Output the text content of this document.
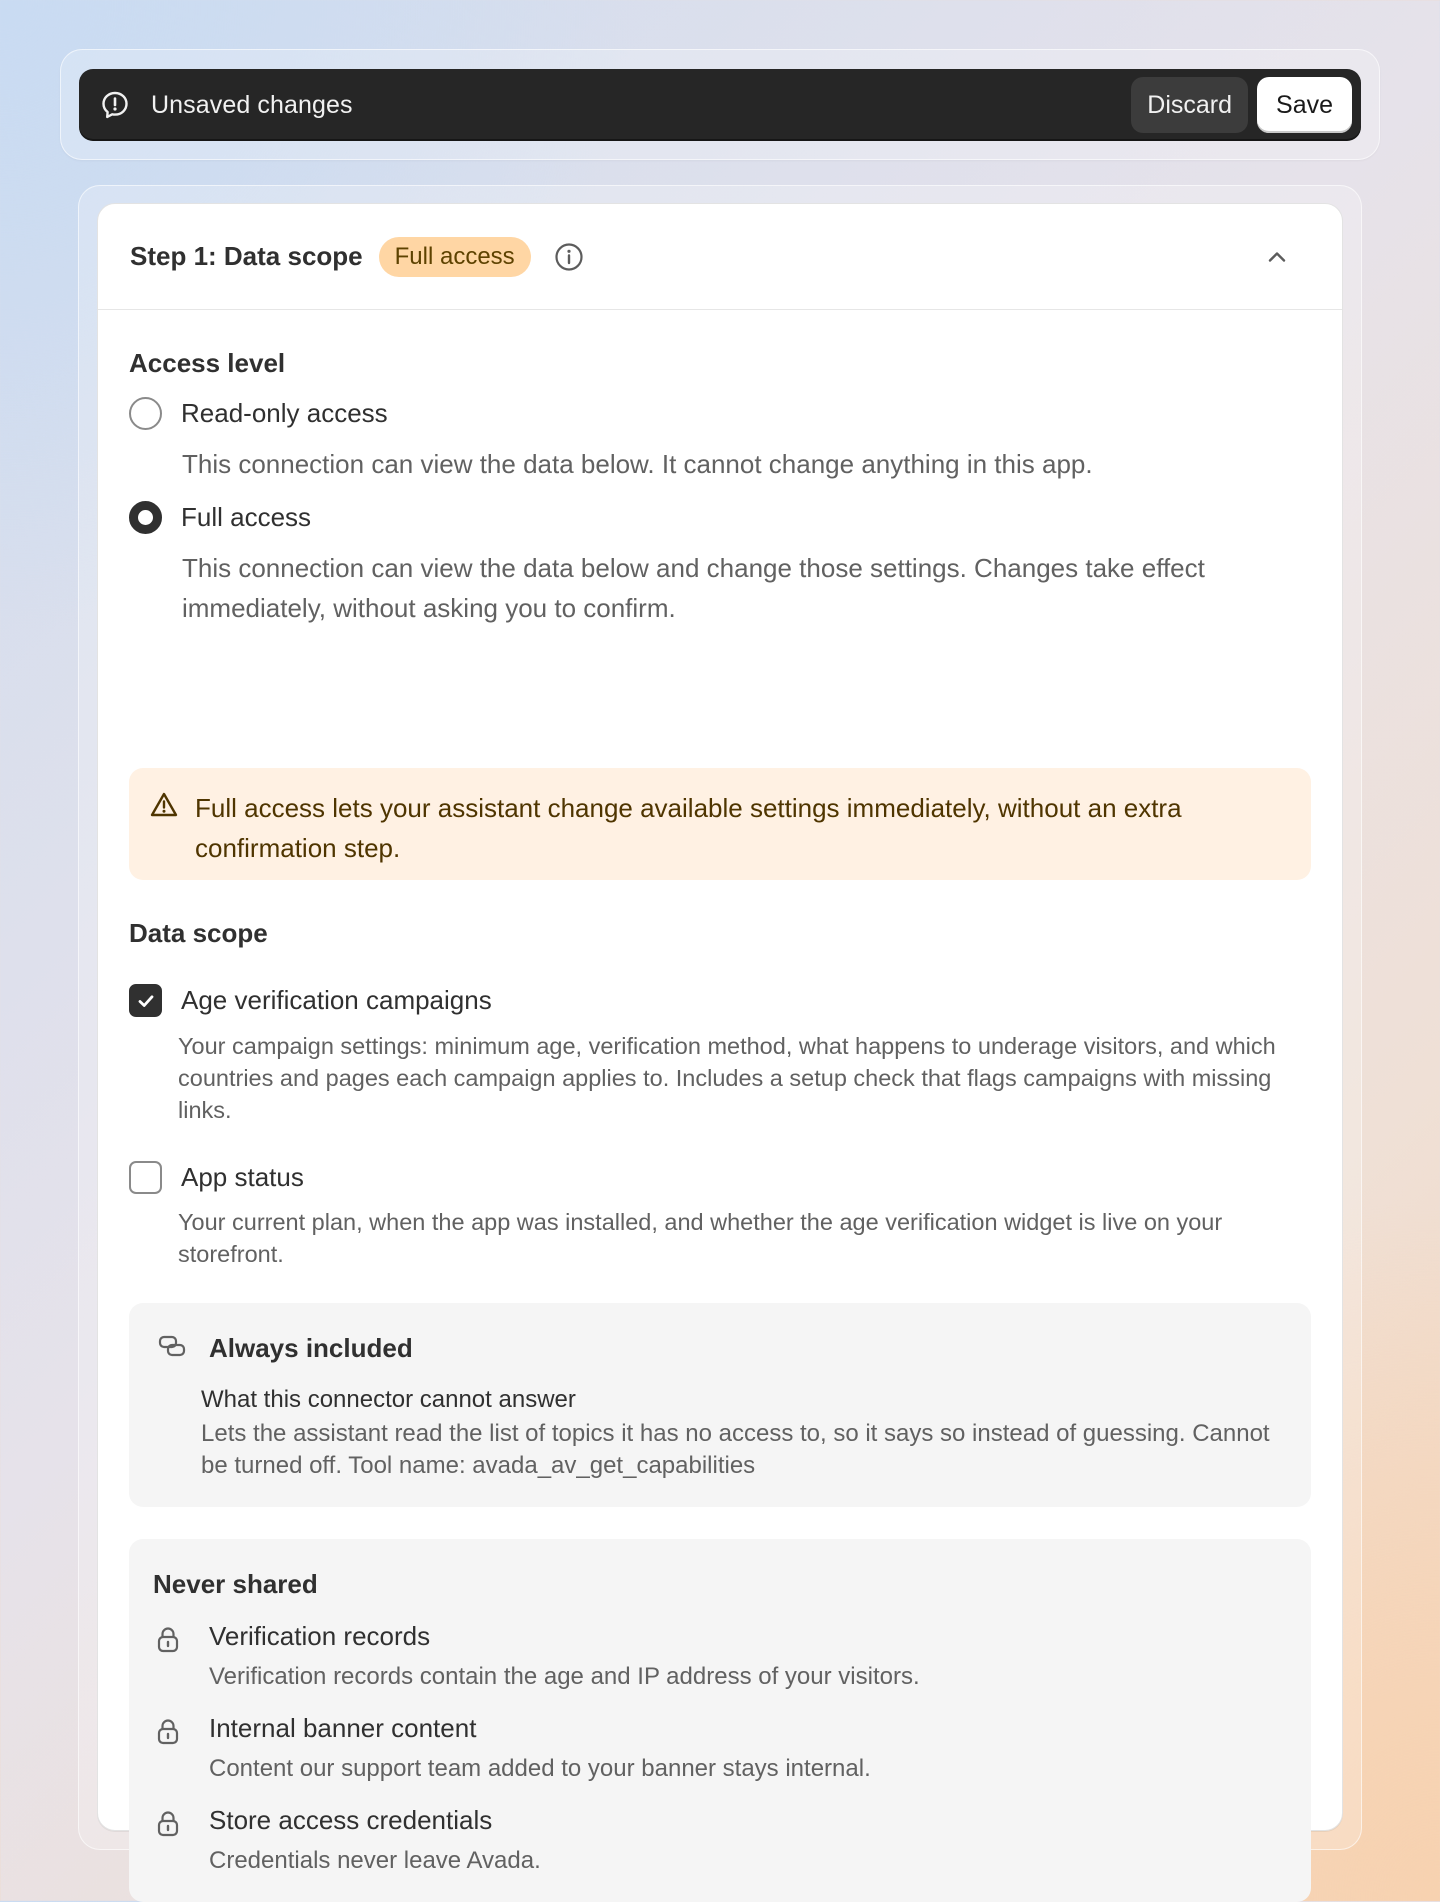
Unsaved changes	Discard	Save
Step 1: Data scope	Full access
Access level
Read-only access
This connection can view the data below. It cannot change anything in this app.
Full access
This connection can view the data below and change those settings. Changes take effect immediately, without asking you to confirm.
Full access lets your assistant change available settings immediately, without an extra confirmation step.
Data scope
Age verification campaigns
Your campaign settings: minimum age, verification method, what happens to underage visitors, and which countries and pages each campaign applies to. Includes a setup check that flags campaigns with missing links.
App status
Your current plan, when the app was installed, and whether the age verification widget is live on your storefront.
Always included
What this connector cannot answer
Lets the assistant read the list of topics it has no access to, so it says so instead of guessing. Cannot be turned off. Tool name: avada_av_get_capabilities
Never shared
Verification records
Verification records contain the age and IP address of your visitors.
Internal banner content
Content our support team added to your banner stays internal.
Store access credentials
Credentials never leave Avada.
